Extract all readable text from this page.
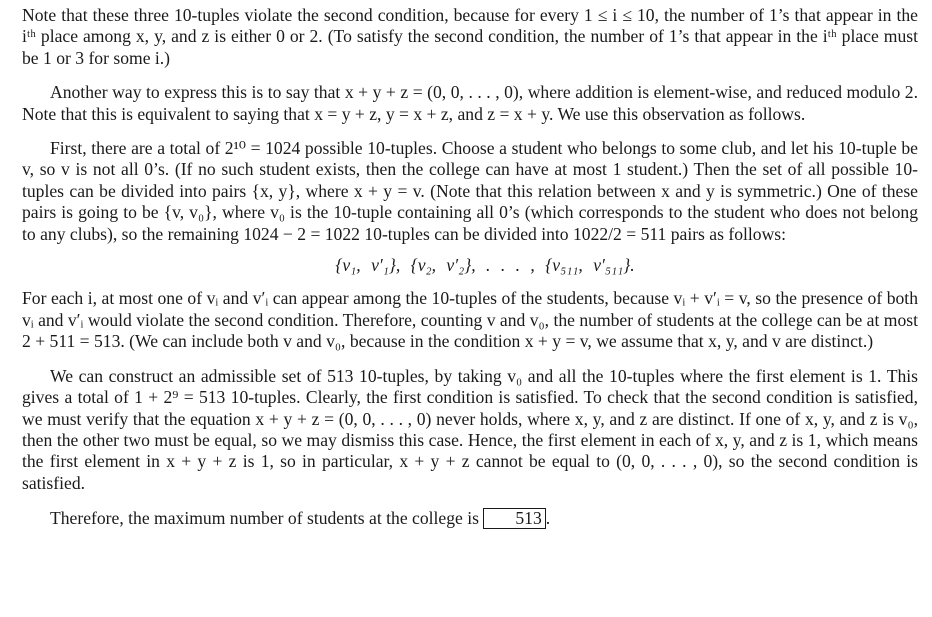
Note that these three 10-tuples violate the second condition, because for every 1 ≤ i ≤ 10, the number of 1’s that appear in the iᵗʰ place among x, y, and z is either 0 or 2. (To satisfy the second condition, the number of 1’s that appear in the iᵗʰ place must be 1 or 3 for some i.)

Another way to express this is to say that x + y + z = (0, 0, . . . , 0), where addition is element-wise, and reduced modulo 2. Note that this is equivalent to saying that x = y + z, y = x + z, and z = x + y. We use this observation as follows.

First, there are a total of 2¹⁰ = 1024 possible 10-tuples. Choose a student who belongs to some club, and let his 10-tuple be v, so v is not all 0’s. (If no such student exists, then the college can have at most 1 student.) Then the set of all possible 10-tuples can be divided into pairs {x, y}, where x + y = v. (Note that this relation between x and y is symmetric.) One of these pairs is going to be {v, v₀}, where v₀ is the 10-tuple containing all 0’s (which corresponds to the student who does not belong to any clubs), so the remaining 1024 − 2 = 1022 10-tuples can be divided into 1022/2 = 511 pairs as follows:

{v₁, v′₁}, {v₂, v′₂}, . . . , {v₅₁₁, v′₅₁₁}.

For each i, at most one of vᵢ and v′ᵢ can appear among the 10-tuples of the students, because vᵢ + v′ᵢ = v, so the presence of both vᵢ and v′ᵢ would violate the second condition. Therefore, counting v and v₀, the number of students at the college can be at most 2 + 511 = 513. (We can include both v and v₀, because in the condition x + y = v, we assume that x, y, and v are distinct.)

We can construct an admissible set of 513 10-tuples, by taking v₀ and all the 10-tuples where the first element is 1. This gives a total of 1 + 2⁹ = 513 10-tuples. Clearly, the first condition is satisfied. To check that the second condition is satisfied, we must verify that the equation x + y + z = (0, 0, . . . , 0) never holds, where x, y, and z are distinct. If one of x, y, and z is v₀, then the other two must be equal, so we may dismiss this case. Hence, the first element in each of x, y, and z is 1, which means the first element in x + y + z is 1, so in particular, x + y + z cannot be equal to (0, 0, . . . , 0), so the second condition is satisfied.

Therefore, the maximum number of students at the college is 513 .
